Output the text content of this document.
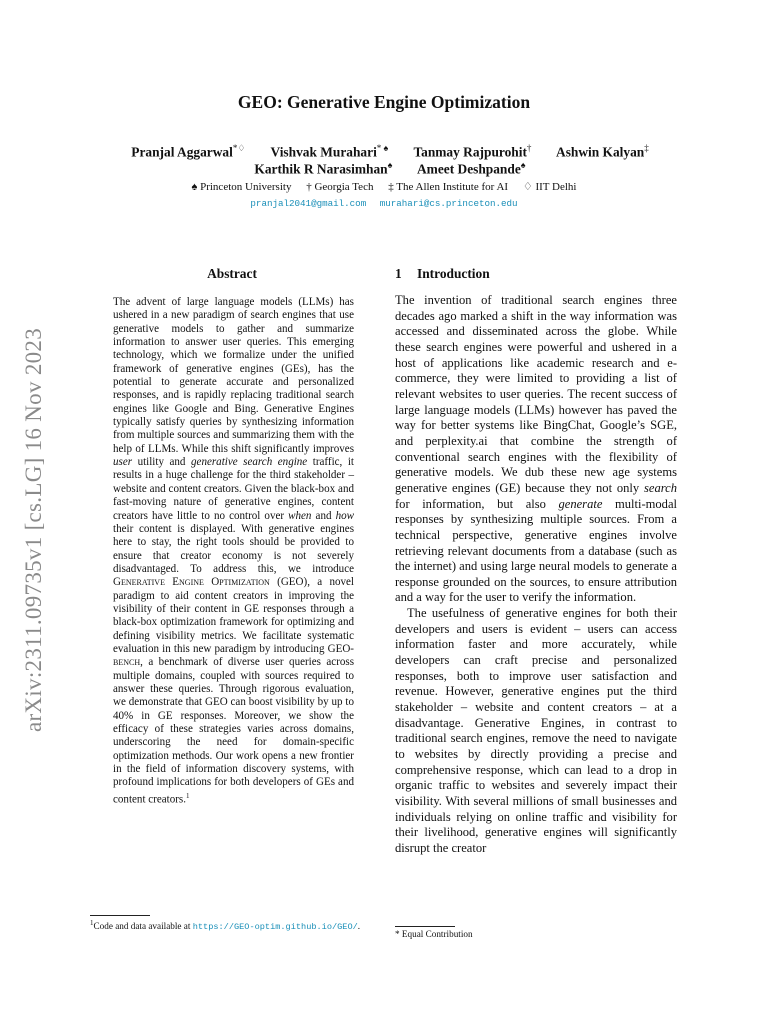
arXiv:2311.09735v1 [cs.LG] 16 Nov 2023
GEO: Generative Engine Optimization
Pranjal Aggarwal*♢ Vishvak Murahari* ♠ Tanmay Rajpurohit† Ashwin Kalyan‡
Karthik R Narasimhan♠ Ameet Deshpande♠
♠ Princeton University † Georgia Tech ‡ The Allen Institute for AI ♢ IIT Delhi
pranjal2041@gmail.com murahari@cs.princeton.edu
Abstract
The advent of large language models (LLMs) has ushered in a new paradigm of search engines that use generative models to gather and summarize information to answer user queries. This emerging technology, which we formalize under the unified framework of generative engines (GEs), has the potential to generate accurate and personalized responses, and is rapidly replacing traditional search engines like Google and Bing. Generative Engines typically satisfy queries by synthesizing information from multiple sources and summarizing them with the help of LLMs. While this shift significantly improves user utility and generative search engine traffic, it results in a huge challenge for the third stakeholder – website and content creators. Given the black-box and fast-moving nature of generative engines, content creators have little to no control over when and how their content is displayed. With generative engines here to stay, the right tools should be provided to ensure that creator economy is not severely disadvantaged. To address this, we introduce Generative Engine Optimization (GEO), a novel paradigm to aid content creators in improving the visibility of their content in GE responses through a black-box optimization framework for optimizing and defining visibility metrics. We facilitate systematic evaluation in this new paradigm by introducing GEO-bench, a benchmark of diverse user queries across multiple domains, coupled with sources required to answer these queries. Through rigorous evaluation, we demonstrate that GEO can boost visibility by up to 40% in GE responses. Moreover, we show the efficacy of these strategies varies across domains, underscoring the need for domain-specific optimization methods. Our work opens a new frontier in the field of information discovery systems, with profound implications for both developers of GEs and content creators.$^1$
$^1$Code and data available at https://GEO-optim.github.io/GEO/.
1 Introduction

The invention of traditional search engines three decades ago marked a shift in the way information was accessed and disseminated across the globe. While these search engines were powerful and ushered in a host of applications like academic research and e-commerce, they were limited to providing a list of relevant websites to user queries. The recent success of large language models (LLMs) however has paved the way for better systems like BingChat, Google’s SGE, and perplexity.ai that combine the strength of conventional search engines with the flexibility of generative models. We dub these new age systems generative engines (GE) because they not only search for information, but also generate multi-modal responses by synthesizing multiple sources. From a technical perspective, generative engines involve retrieving relevant documents from a database (such as the internet) and using large neural models to generate a response grounded on the sources, to ensure attribution and a way for the user to verify the information.

The usefulness of generative engines for both their developers and users is evident – users can access information faster and more accurately, while developers can craft precise and personalized responses, both to improve user satisfaction and revenue. However, generative engines put the third stakeholder – website and content creators – at a disadvantage. Generative Engines, in contrast to traditional search engines, remove the need to navigate to websites by directly providing a precise and comprehensive response, which can lead to a drop in organic traffic to websites and severely impact their visibility. With several millions of small businesses and individuals relying on online traffic and visibility for their livelihood, generative engines will significantly disrupt the creator

* Equal Contribution
